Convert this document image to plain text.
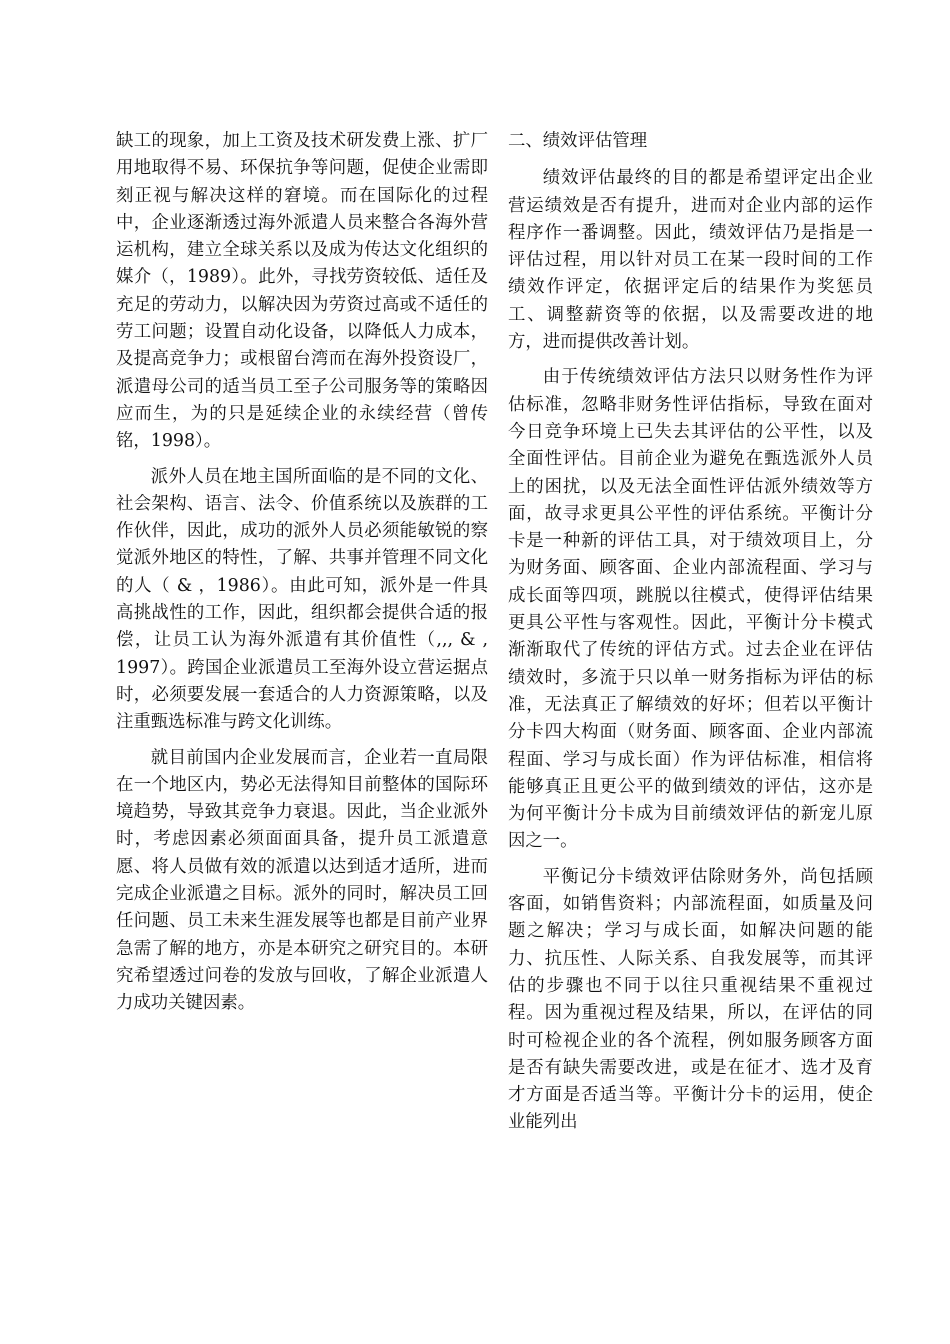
缺工的现象，加上工资及技术研发费上涨、扩厂用地取得不易、环保抗争等问题，促使企业需即刻正视与解决这样的窘境。而在国际化的过程中，企业逐渐透过海外派遣人员来整合各海外营运机构，建立全球关系以及成为传达文化组织的媒介（，1989）。此外，寻找劳资较低、适任及充足的劳动力，以解决因为劳资过高或不适任的劳工问题；设置自动化设备，以降低人力成本，及提高竞争力；或根留台湾而在海外投资设厂，派遣母公司的适当员工至子公司服务等的策略因应而生，为的只是延续企业的永续经营（曾传铭，1998）。

派外人员在地主国所面临的是不同的文化、社会架构、语言、法令、价值系统以及族群的工作伙伴，因此，成功的派外人员必须能敏锐的察觉派外地区的特性，了解、共事并管理不同文化的人（ & ，1986）。由此可知，派外是一件具高挑战性的工作，因此，组织都会提供合适的报偿，让员工认为海外派遣有其价值性（,,, & , 1997）。跨国企业派遣员工至海外设立营运据点时，必须要发展一套适合的人力资源策略，以及注重甄选标准与跨文化训练。

就目前国内企业发展而言，企业若一直局限在一个地区内，势必无法得知目前整体的国际环境趋势，导致其竞争力衰退。因此，当企业派外时，考虑因素必须面面具备，提升员工派遣意愿、将人员做有效的派遣以达到适才适所，进而完成企业派遣之目标。派外的同时，解决员工回任问题、员工未来生涯发展等也都是目前产业界急需了解的地方，亦是本研究之研究目的。本研究希望透过问卷的发放与回收，了解企业派遣人力成功关键因素。

二、绩效评估管理

绩效评估最终的目的都是希望评定出企业营运绩效是否有提升，进而对企业内部的运作程序作一番调整。因此，绩效评估乃是指是一评估过程，用以针对员工在某一段时间的工作绩效作评定，依据评定后的结果作为奖惩员工、调整薪资等的依据，以及需要改进的地方，进而提供改善计划。

由于传统绩效评估方法只以财务性作为评估标准，忽略非财务性评估指标，导致在面对今日竞争环境上已失去其评估的公平性，以及全面性评估。目前企业为避免在甄选派外人员上的困扰，以及无法全面性评估派外绩效等方面，故寻求更具公平性的评估系统。平衡计分卡是一种新的评估工具，对于绩效项目上，分为财务面、顾客面、企业内部流程面、学习与成长面等四项，跳脱以往模式，使得评估结果更具公平性与客观性。因此，平衡计分卡模式渐渐取代了传统的评估方式。过去企业在评估绩效时，多流于只以单一财务指标为评估的标准，无法真正了解绩效的好坏；但若以平衡计分卡四大构面（财务面、顾客面、企业内部流程面、学习与成长面）作为评估标准，相信将能够真正且更公平的做到绩效的评估，这亦是为何平衡计分卡成为目前绩效评估的新宠儿原因之一。

平衡记分卡绩效评估除财务外，尚包括顾客面，如销售资料；内部流程面，如质量及问题之解决；学习与成长面，如解决问题的能力、抗压性、人际关系、自我发展等，而其评估的步骤也不同于以往只重视结果不重视过程。因为重视过程及结果，所以，在评估的同时可检视企业的各个流程，例如服务顾客方面是否有缺失需要改进，或是在征才、选才及育才方面是否适当等。平衡计分卡的运用，使企业能列出
